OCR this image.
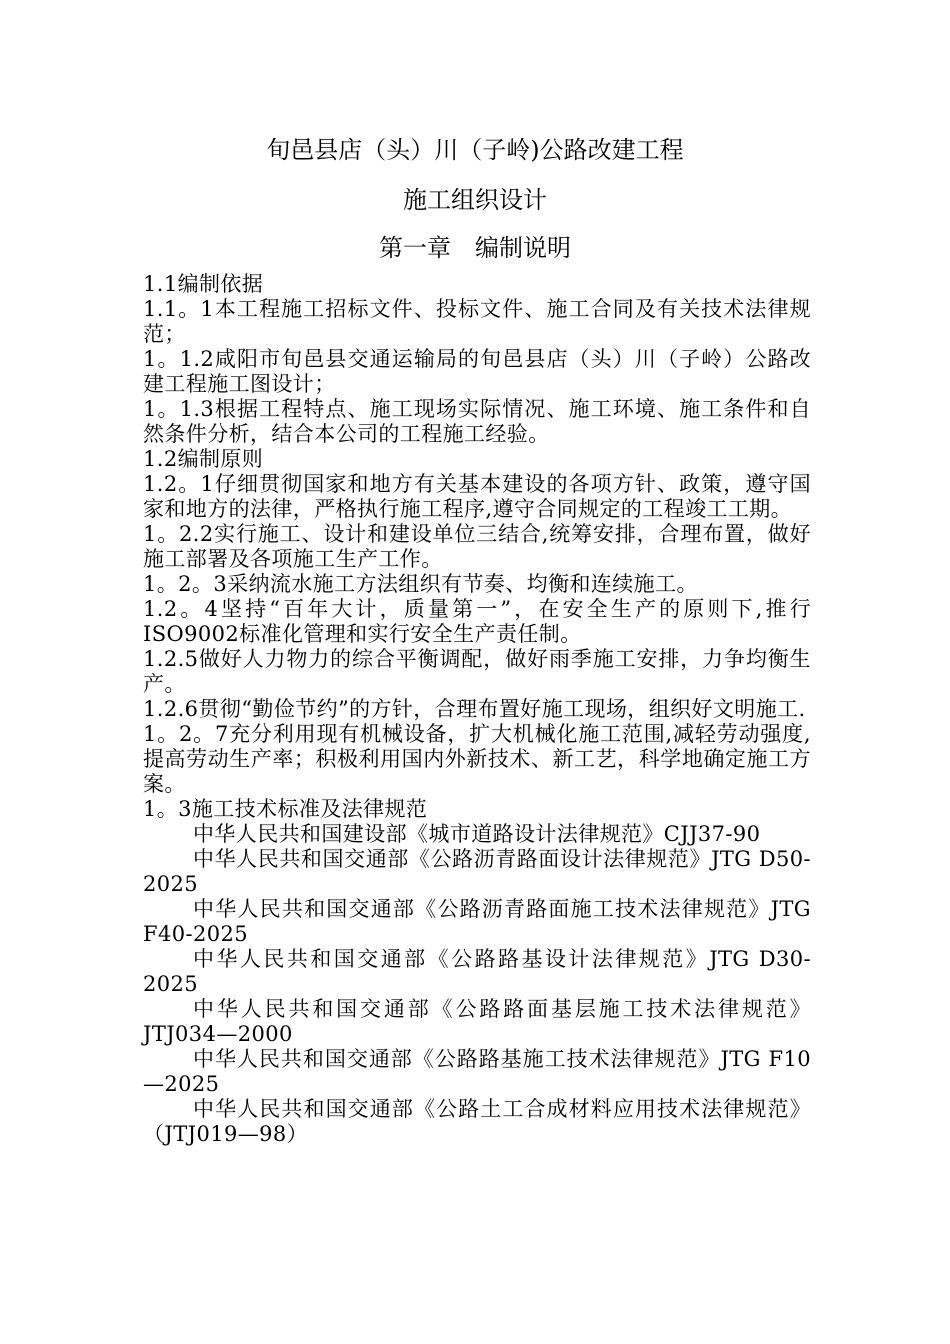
旬邑县店（头）川（子岭)公路改建工程
施工组织设计
第一章　编制说明

1.1编制依据

1.1。1本工程施工招标文件、投标文件、施工合同及有关技术法律规范；

1。1.2咸阳市旬邑县交通运输局的旬邑县店（头）川（子岭）公路改建工程施工图设计；

1。1.3根据工程特点、施工现场实际情况、施工环境、施工条件和自然条件分析，结合本公司的工程施工经验。

1.2编制原则

1.2。1仔细贯彻国家和地方有关基本建设的各项方针、政策，遵守国家和地方的法律，严格执行施工程序,遵守合同规定的工程竣工工期。

1。2.2实行施工、设计和建设单位三结合,统筹安排，合理布置，做好施工部署及各项施工生产工作。

1。2。3采纳流水施工方法组织有节奏、均衡和连续施工。

1.2。4坚持“百年大计，质量第一”，在安全生产的原则下,推行ISO9002标准化管理和实行安全生产责任制。

1.2.5做好人力物力的综合平衡调配，做好雨季施工安排，力争均衡生产。

1.2.6贯彻“勤俭节约”的方针，合理布置好施工现场，组织好文明施工.

1。2。7充分利用现有机械设备，扩大机械化施工范围,减轻劳动强度,提高劳动生产率；积极利用国内外新技术、新工艺，科学地确定施工方案。

1。3施工技术标准及法律规范

中华人民共和国建设部《城市道路设计法律规范》CJJ37-90

中华人民共和国交通部《公路沥青路面设计法律规范》JTG D50-2025

中华人民共和国交通部《公路沥青路面施工技术法律规范》JTG F40-2025

中华人民共和国交通部《公路路基设计法律规范》JTG D30-2025

中华人民共和国交通部《公路路面基层施工技术法律规范》JTJ034—2000

中华人民共和国交通部《公路路基施工技术法律规范》JTG F10—2025

中华人民共和国交通部《公路土工合成材料应用技术法律规范》（JTJ019—98）
